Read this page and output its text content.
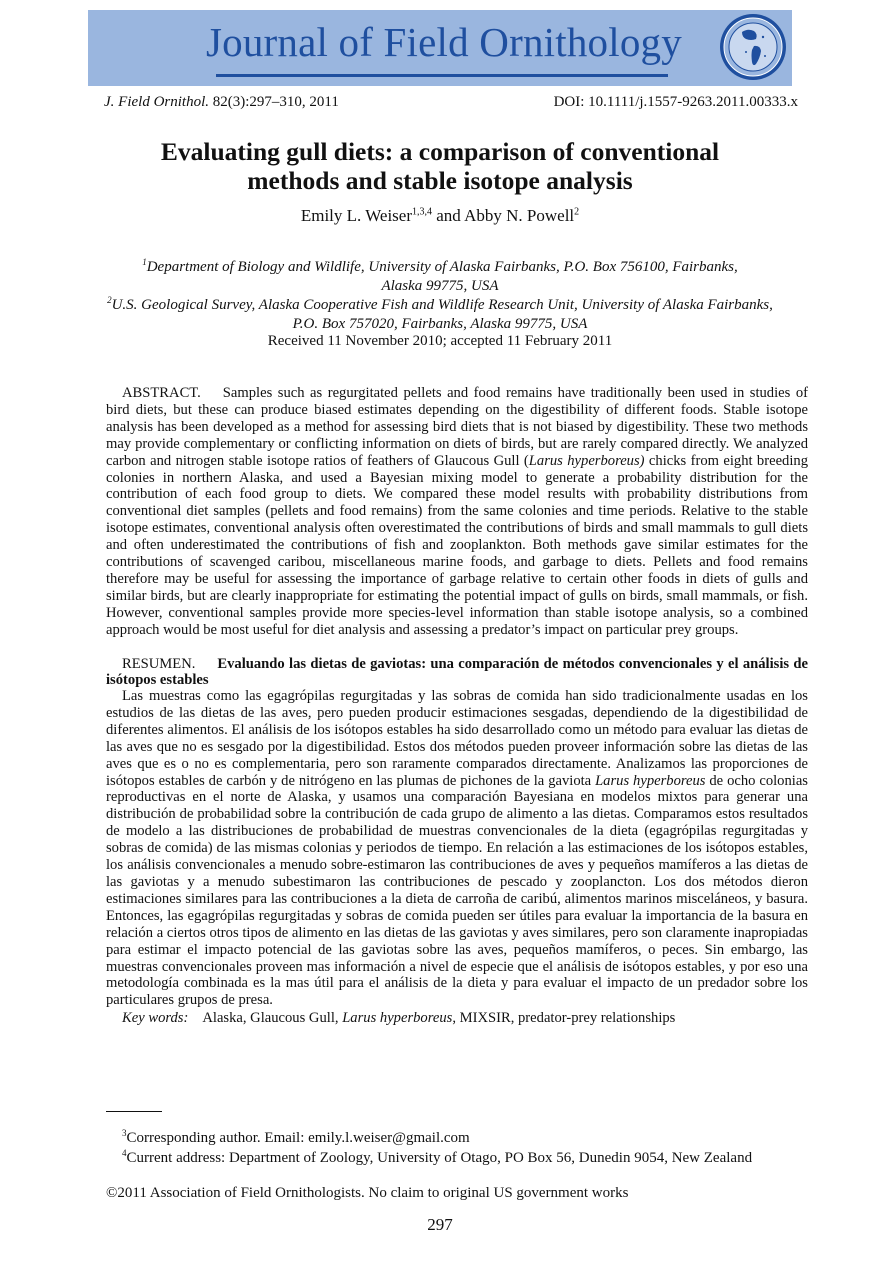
Journal of Field Ornithology
J. Field Ornithol. 82(3):297–310, 2011	DOI: 10.1111/j.1557-9263.2011.00333.x
Evaluating gull diets: a comparison of conventional
methods and stable isotope analysis
Emily L. Weiser$^{1,3,4}$ and Abby N. Powell$^2$
$^1$Department of Biology and Wildlife, University of Alaska Fairbanks, P.O. Box 756100, Fairbanks,
Alaska 99775, USA
$^2$U.S. Geological Survey, Alaska Cooperative Fish and Wildlife Research Unit, University of Alaska Fairbanks,
P.O. Box 757020, Fairbanks, Alaska 99775, USA
Received 11 November 2010; accepted 11 February 2011
ABSTRACT. Samples such as regurgitated pellets and food remains have traditionally been used in studies of bird diets, but these can produce biased estimates depending on the digestibility of different foods. Stable isotope analysis has been developed as a method for assessing bird diets that is not biased by digestibility. These two methods may provide complementary or conflicting information on diets of birds, but are rarely compared directly. We analyzed carbon and nitrogen stable isotope ratios of feathers of Glaucous Gull (Larus hyperboreus) chicks from eight breeding colonies in northern Alaska, and used a Bayesian mixing model to generate a probability distribution for the contribution of each food group to diets. We compared these model results with probability distributions from conventional diet samples (pellets and food remains) from the same colonies and time periods. Relative to the stable isotope estimates, conventional analysis often overestimated the contributions of birds and small mammals to gull diets and often underestimated the contributions of fish and zooplankton. Both methods gave similar estimates for the contributions of scavenged caribou, miscellaneous marine foods, and garbage to diets. Pellets and food remains therefore may be useful for assessing the importance of garbage relative to certain other foods in diets of gulls and similar birds, but are clearly inappropriate for estimating the potential impact of gulls on birds, small mammals, or fish. However, conventional samples provide more species-level information than stable isotope analysis, so a combined approach would be most useful for diet analysis and assessing a predator’s impact on particular prey groups.
RESUMEN. Evaluando las dietas de gaviotas: una comparación de métodos convencionales y el análisis de isótopos estables
Las muestras como las egagrópilas regurgitadas y las sobras de comida han sido tradicionalmente usadas en los estudios de las dietas de las aves, pero pueden producir estimaciones sesgadas, dependiendo de la digestibilidad de diferentes alimentos. El análisis de los isótopos estables ha sido desarrollado como un método para evaluar las dietas de las aves que no es sesgado por la digestibilidad. Estos dos métodos pueden proveer información sobre las dietas de las aves que es o no es complementaria, pero son raramente comparados directamente. Analizamos las proporciones de isótopos estables de carbón y de nitrógeno en las plumas de pichones de la gaviota Larus hyperboreus de ocho colonias reproductivas en el norte de Alaska, y usamos una comparación Bayesiana en modelos mixtos para generar una distribución de probabilidad sobre la contribución de cada grupo de alimento a las dietas. Comparamos estos resultados de modelo a las distribuciones de probabilidad de muestras convencionales de la dieta (egagrópilas regurgitadas y sobras de comida) de las mismas colonias y periodos de tiempo. En relación a las estimaciones de los isótopos estables, los análisis convencionales a menudo sobre-estimaron las contribuciones de aves y pequeños mamíferos a las dietas de las gaviotas y a menudo subestimaron las contribuciones de pescado y zooplancton. Los dos métodos dieron estimaciones similares para las contribuciones a la dieta de carroña de caribú, alimentos marinos misceláneos, y basura. Entonces, las egagrópilas regurgitadas y sobras de comida pueden ser útiles para evaluar la importancia de la basura en relación a ciertos otros tipos de alimento en las dietas de las gaviotas y aves similares, pero son claramente inapropiadas para estimar el impacto potencial de las gaviotas sobre las aves, pequeños mamíferos, o peces. Sin embargo, las muestras convencionales proveen mas información a nivel de especie que el análisis de isótopos estables, y por eso una metodología combinada es la mas útil para el análisis de la dieta y para evaluar el impacto de un predador sobre los particulares grupos de presa.
Key words: Alaska, Glaucous Gull, Larus hyperboreus, MIXSIR, predator-prey relationships
$^3$Corresponding author. Email: emily.l.weiser@gmail.com
$^4$Current address: Department of Zoology, University of Otago, PO Box 56, Dunedin 9054, New Zealand
©2011 Association of Field Ornithologists. No claim to original US government works
297
